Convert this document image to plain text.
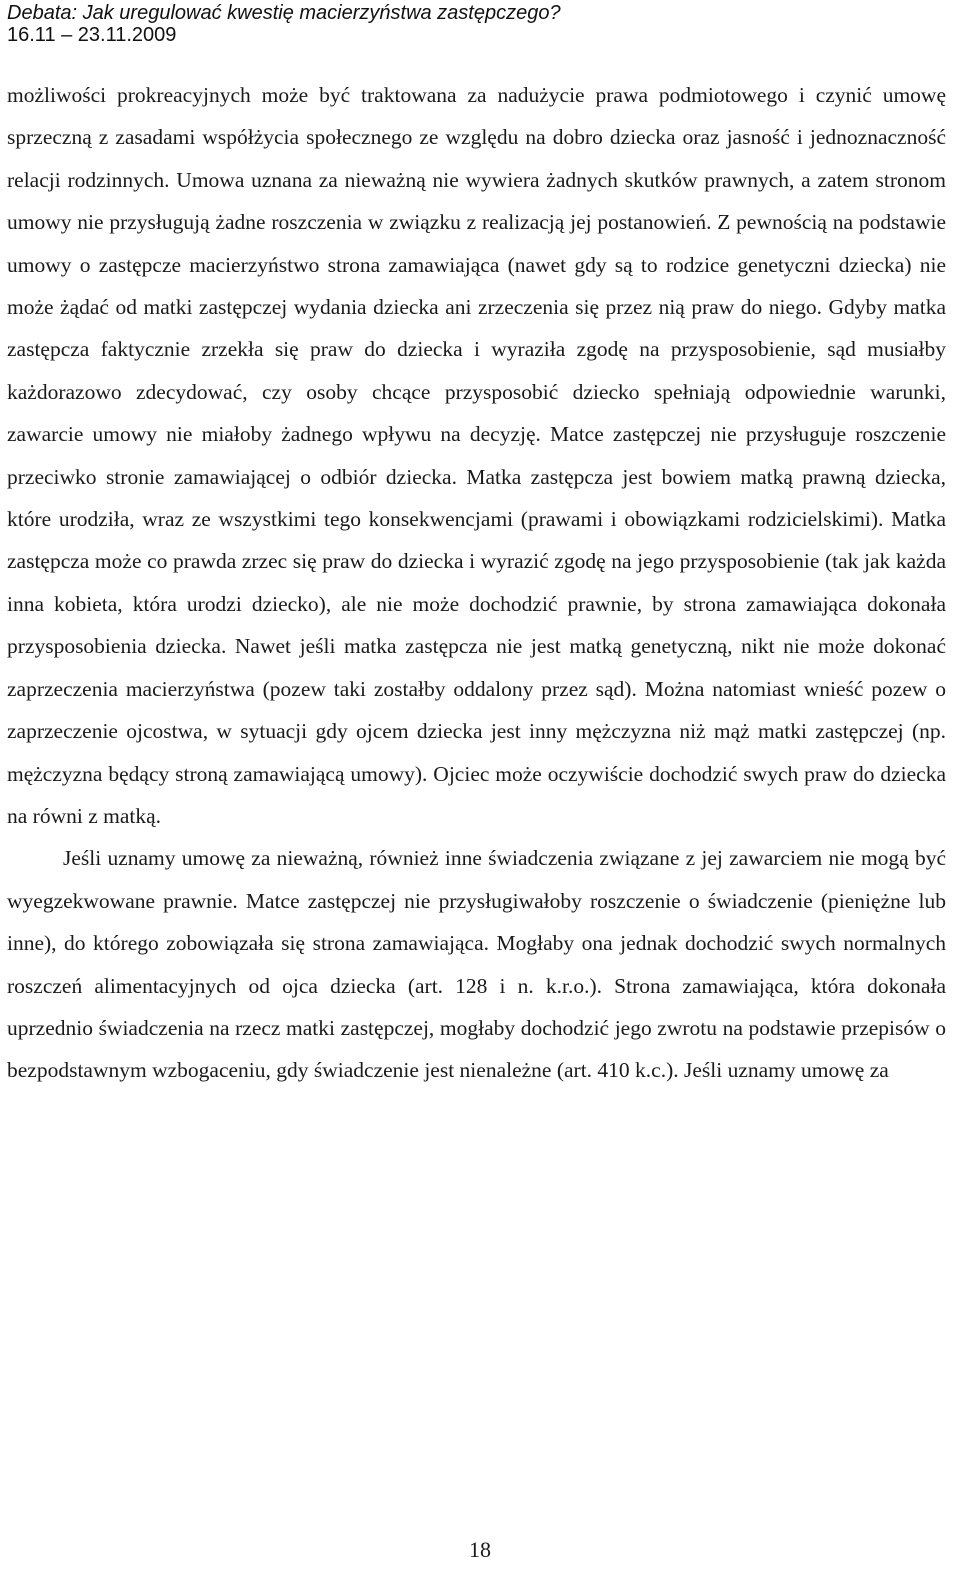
Debata: Jak uregulować kwestię macierzyństwa zastępczego?
16.11 – 23.11.2009

możliwości prokreacyjnych może być traktowana za nadużycie prawa podmiotowego i czynić umowę sprzeczną z zasadami współżycia społecznego ze względu na dobro dziecka oraz jasność i jednoznaczność relacji rodzinnych. Umowa uznana za nieważną nie wywiera żadnych skutków prawnych, a zatem stronom umowy nie przysługują żadne roszczenia w związku z realizacją jej postanowień. Z pewnością na podstawie umowy o zastępcze macierzyństwo strona zamawiająca (nawet gdy są to rodzice genetyczni dziecka) nie może żądać od matki zastępczej wydania dziecka ani zrzeczenia się przez nią praw do niego. Gdyby matka zastępcza faktycznie zrzekła się praw do dziecka i wyraziła zgodę na przysposobienie, sąd musiałby każdorazowo zdecydować, czy osoby chcące przysposobić dziecko spełniają odpowiednie warunki, zawarcie umowy nie miałoby żadnego wpływu na decyzję. Matce zastępczej nie przysługuje roszczenie przeciwko stronie zamawiającej o odbiór dziecka. Matka zastępcza jest bowiem matką prawną dziecka, które urodziła, wraz ze wszystkimi tego konsekwencjami (prawami i obowiązkami rodzicielskimi). Matka zastępcza może co prawda zrzec się praw do dziecka i wyrazić zgodę na jego przysposobienie (tak jak każda inna kobieta, która urodzi dziecko), ale nie może dochodzić prawnie, by strona zamawiająca dokonała przysposobienia dziecka. Nawet jeśli matka zastępcza nie jest matką genetyczną, nikt nie może dokonać zaprzeczenia macierzyństwa (pozew taki zostałby oddalony przez sąd). Można natomiast wnieść pozew o zaprzeczenie ojcostwa, w sytuacji gdy ojcem dziecka jest inny mężczyzna niż mąż matki zastępczej (np. mężczyzna będący stroną zamawiającą umowy). Ojciec może oczywiście dochodzić swych praw do dziecka na równi z matką.

Jeśli uznamy umowę za nieważną, również inne świadczenia związane z jej zawarciem nie mogą być wyegzekwowane prawnie. Matce zastępczej nie przysługiwałoby roszczenie o świadczenie (pieniężne lub inne), do którego zobowiązała się strona zamawiająca. Mogłaby ona jednak dochodzić swych normalnych roszczeń alimentacyjnych od ojca dziecka (art. 128 i n. k.r.o.). Strona zamawiająca, która dokonała uprzednio świadczenia na rzecz matki zastępczej, mogłaby dochodzić jego zwrotu na podstawie przepisów o bezpodstawnym wzbogaceniu, gdy świadczenie jest nienależne (art. 410 k.c.). Jeśli uznamy umowę za

18
